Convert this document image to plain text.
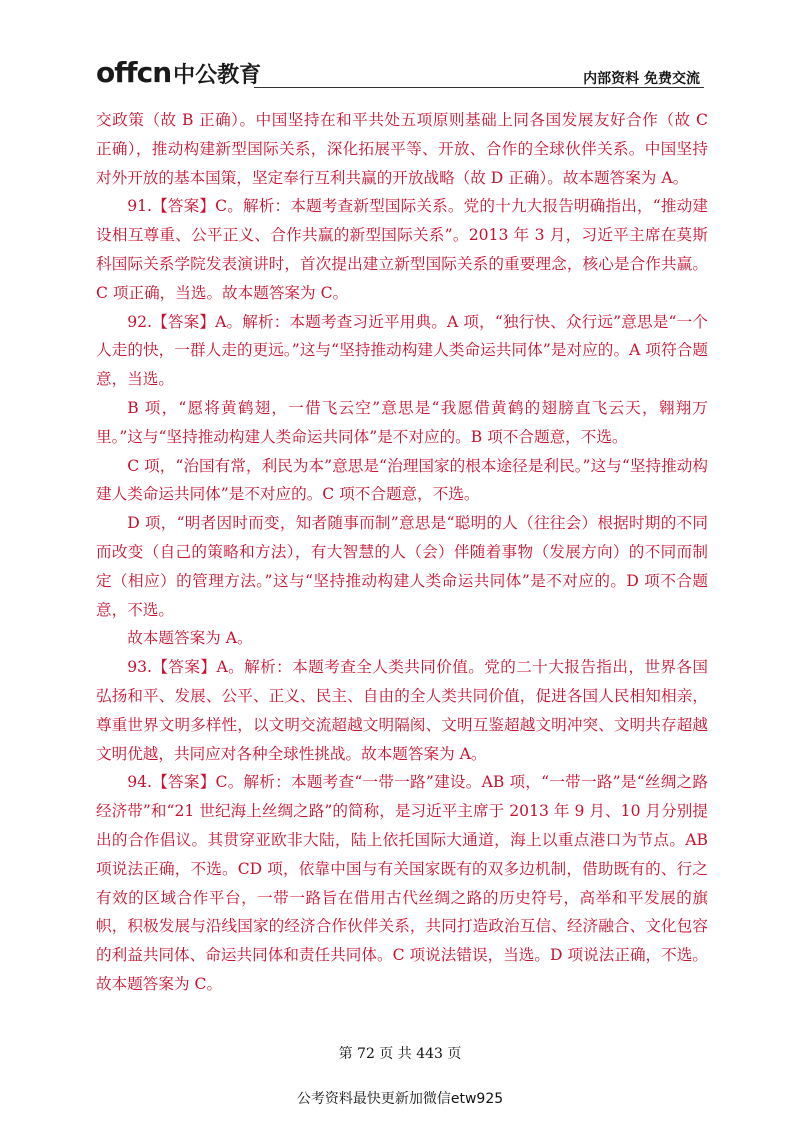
offcn中公教育	内部资料 免费交流

交政策（故 B 正确）。中国坚持在和平共处五项原则基础上同各国发展友好合作（故 C 正确），推动构建新型国际关系，深化拓展平等、开放、合作的全球伙伴关系。中国坚持对外开放的基本国策，坚定奉行互利共赢的开放战略（故 D 正确）。故本题答案为 A。

91.【答案】C。解析：本题考查新型国际关系。党的十九大报告明确指出，“推动建设相互尊重、公平正义、合作共赢的新型国际关系”。2013 年 3 月，习近平主席在莫斯科国际关系学院发表演讲时，首次提出建立新型国际关系的重要理念，核心是合作共赢。C 项正确，当选。故本题答案为 C。

92.【答案】A。解析：本题考查习近平用典。A 项，“独行快、众行远”意思是“一个人走的快，一群人走的更远。”这与“坚持推动构建人类命运共同体”是对应的。A 项符合题意，当选。

B 项，“愿将黄鹤翅，一借飞云空”意思是“我愿借黄鹤的翅膀直飞云天，翱翔万里。”这与“坚持推动构建人类命运共同体”是不对应的。B 项不合题意，不选。

C 项，“治国有常，利民为本”意思是“治理国家的根本途径是利民。”这与“坚持推动构建人类命运共同体”是不对应的。C 项不合题意，不选。

D 项，“明者因时而变，知者随事而制”意思是“聪明的人（往往会）根据时期的不同而改变（自己的策略和方法），有大智慧的人（会）伴随着事物（发展方向）的不同而制定（相应）的管理方法。”这与“坚持推动构建人类命运共同体”是不对应的。D 项不合题意，不选。

故本题答案为 A。

93.【答案】A。解析：本题考查全人类共同价值。党的二十大报告指出，世界各国弘扬和平、发展、公平、正义、民主、自由的全人类共同价值，促进各国人民相知相亲，尊重世界文明多样性，以文明交流超越文明隔阂、文明互鉴超越文明冲突、文明共存超越文明优越，共同应对各种全球性挑战。故本题答案为 A。

94.【答案】C。解析：本题考查“一带一路”建设。AB 项，“一带一路”是“丝绸之路经济带”和“21 世纪海上丝绸之路”的简称，是习近平主席于 2013 年 9 月、10 月分别提出的合作倡议。其贯穿亚欧非大陆，陆上依托国际大通道，海上以重点港口为节点。AB 项说法正确，不选。CD 项，依靠中国与有关国家既有的双多边机制，借助既有的、行之有效的区域合作平台，一带一路旨在借用古代丝绸之路的历史符号，高举和平发展的旗帜，积极发展与沿线国家的经济合作伙伴关系，共同打造政治互信、经济融合、文化包容的利益共同体、命运共同体和责任共同体。C 项说法错误，当选。D 项说法正确，不选。故本题答案为 C。

第 72 页 共 443 页
公考资料最快更新加微信etw925
